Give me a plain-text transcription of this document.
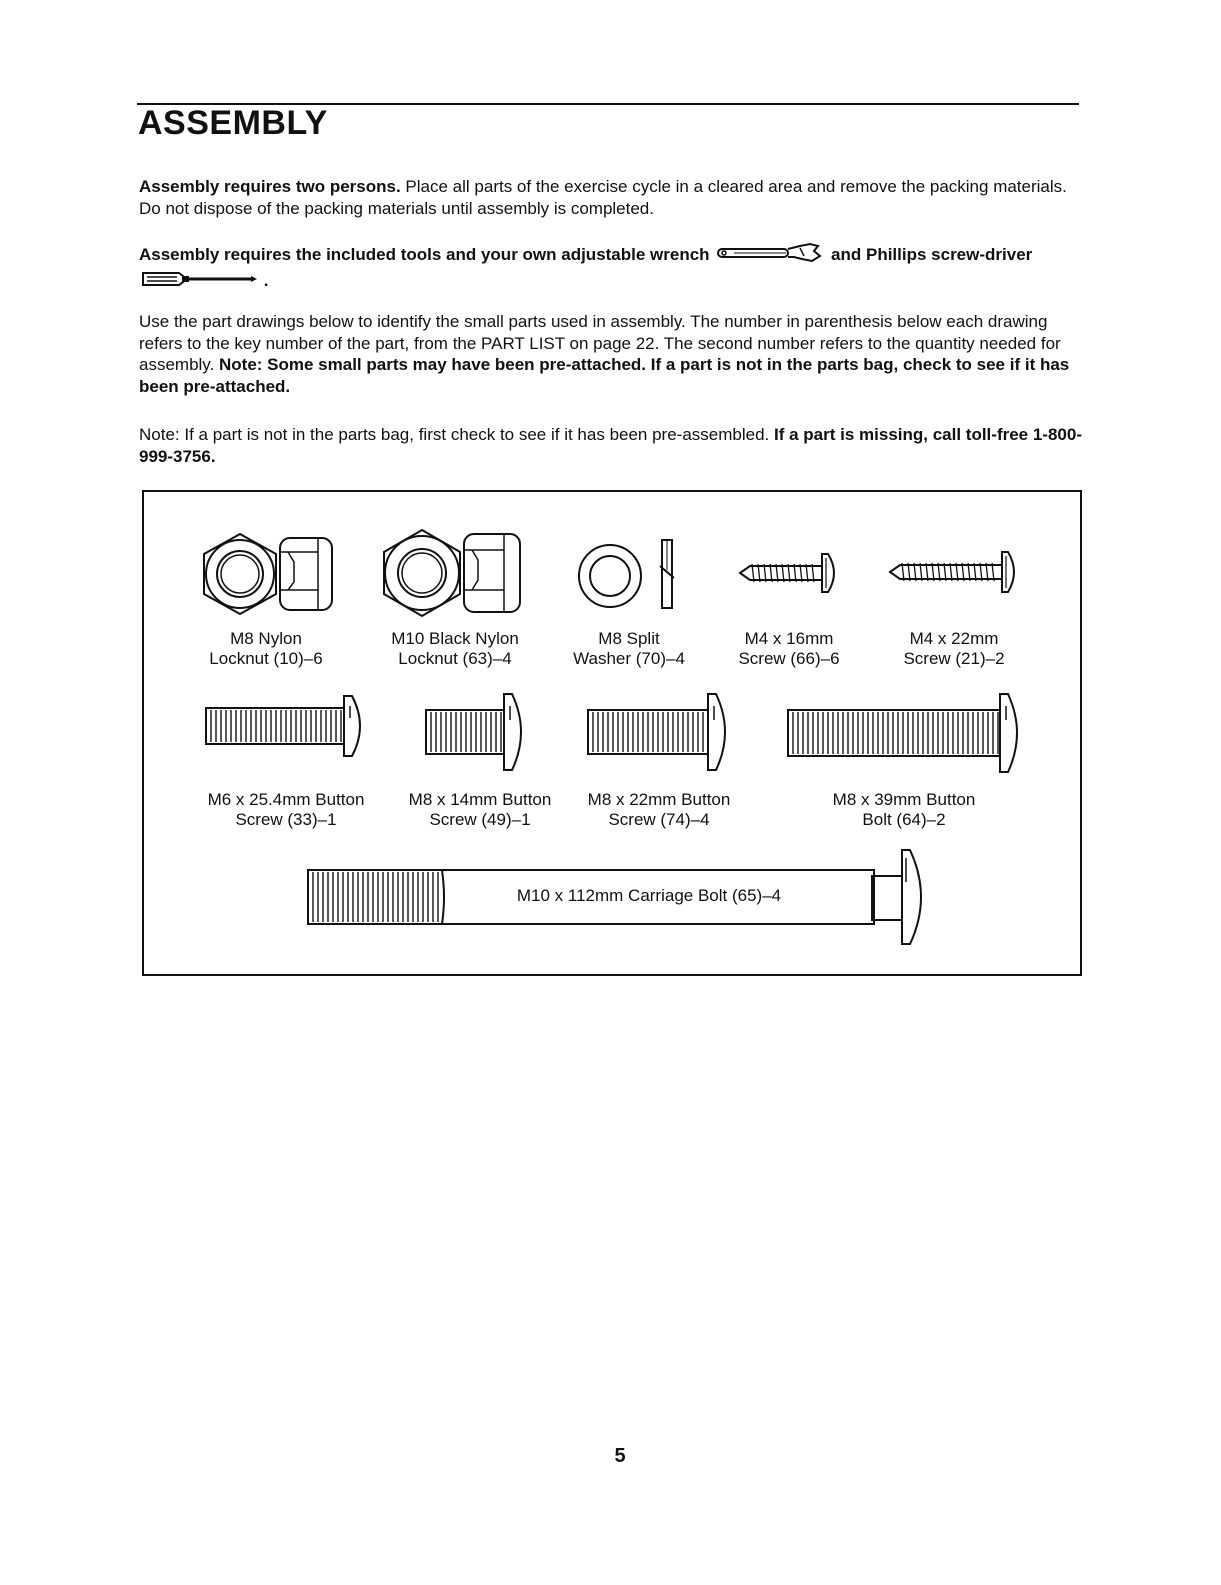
ASSEMBLY

Assembly requires two persons. Place all parts of the exercise cycle in a cleared area and remove the packing materials. Do not dispose of the packing materials until assembly is completed.

Assembly requires the included tools and your own adjustable wrench	and Phillips screw-driver  .

Use the part drawings below to identify the small parts used in assembly. The number in parenthesis below each drawing refers to the key number of the part, from the PART LIST on page 22. The second number refers to the quantity needed for assembly. Note: Some small parts may have been pre-attached. If a part is not in the parts bag, check to see if it has been pre-attached.

Note: If a part is not in the parts bag, first check to see if it has been pre-assembled. If a part is missing, call toll-free 1-800-999-3756.

M8 Nylon
Locknut (10)–6
M10 Black Nylon
Locknut (63)–4
M8 Split
Washer (70)–4
M4 x 16mm
Screw (66)–6
M4 x 22mm
Screw (21)–2
M6 x 25.4mm Button
Screw (33)–1
M8 x 14mm Button
Screw (49)–1
M8 x 22mm Button
Screw (74)–4
M8 x 39mm Button
Bolt (64)–2
M10 x 112mm Carriage Bolt (65)–4
5
